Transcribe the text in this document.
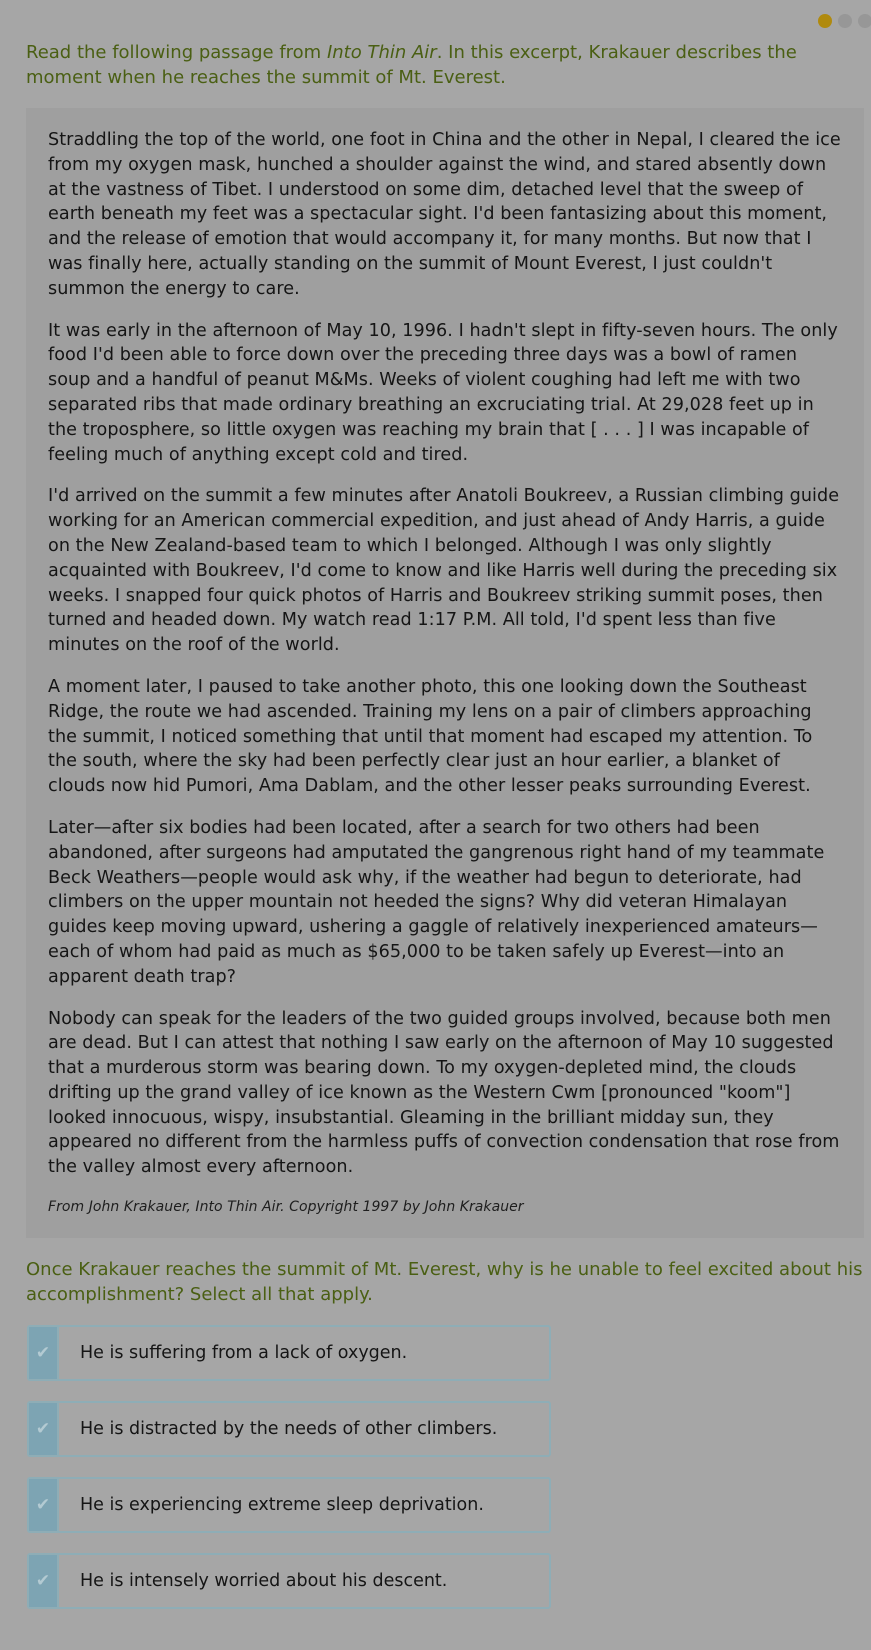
Read the following passage from Into Thin Air. In this excerpt, Krakauer describes the moment when he reaches the summit of Mt. Everest.

Straddling the top of the world, one foot in China and the other in Nepal, I cleared the ice from my oxygen mask, hunched a shoulder against the wind, and stared absently down at the vastness of Tibet. I understood on some dim, detached level that the sweep of earth beneath my feet was a spectacular sight. I'd been fantasizing about this moment, and the release of emotion that would accompany it, for many months. But now that I was finally here, actually standing on the summit of Mount Everest, I just couldn't summon the energy to care.

It was early in the afternoon of May 10, 1996. I hadn't slept in fifty-seven hours. The only food I'd been able to force down over the preceding three days was a bowl of ramen soup and a handful of peanut M&Ms. Weeks of violent coughing had left me with two separated ribs that made ordinary breathing an excruciating trial. At 29,028 feet up in the troposphere, so little oxygen was reaching my brain that [ . . . ] I was incapable of feeling much of anything except cold and tired.

I'd arrived on the summit a few minutes after Anatoli Boukreev, a Russian climbing guide working for an American commercial expedition, and just ahead of Andy Harris, a guide on the New Zealand-based team to which I belonged. Although I was only slightly acquainted with Boukreev, I'd come to know and like Harris well during the preceding six weeks. I snapped four quick photos of Harris and Boukreev striking summit poses, then turned and headed down. My watch read 1:17 P.M. All told, I'd spent less than five minutes on the roof of the world.

A moment later, I paused to take another photo, this one looking down the Southeast Ridge, the route we had ascended. Training my lens on a pair of climbers approaching the summit, I noticed something that until that moment had escaped my attention. To the south, where the sky had been perfectly clear just an hour earlier, a blanket of clouds now hid Pumori, Ama Dablam, and the other lesser peaks surrounding Everest.

Later—after six bodies had been located, after a search for two others had been abandoned, after surgeons had amputated the gangrenous right hand of my teammate Beck Weathers—people would ask why, if the weather had begun to deteriorate, had climbers on the upper mountain not heeded the signs? Why did veteran Himalayan guides keep moving upward, ushering a gaggle of relatively inexperienced amateurs—each of whom had paid as much as $65,000 to be taken safely up Everest—into an apparent death trap?

Nobody can speak for the leaders of the two guided groups involved, because both men are dead. But I can attest that nothing I saw early on the afternoon of May 10 suggested that a murderous storm was bearing down. To my oxygen-depleted mind, the clouds drifting up the grand valley of ice known as the Western Cwm [pronounced "koom"] looked innocuous, wispy, insubstantial. Gleaming in the brilliant midday sun, they appeared no different from the harmless puffs of convection condensation that rose from the valley almost every afternoon.

From John Krakauer, Into Thin Air. Copyright 1997 by John Krakauer

Once Krakauer reaches the summit of Mt. Everest, why is he unable to feel excited about his accomplishment? Select all that apply.

✔	He is suffering from a lack of oxygen.
✔	He is distracted by the needs of other climbers.
✔	He is experiencing extreme sleep deprivation.
✔	He is intensely worried about his descent.
